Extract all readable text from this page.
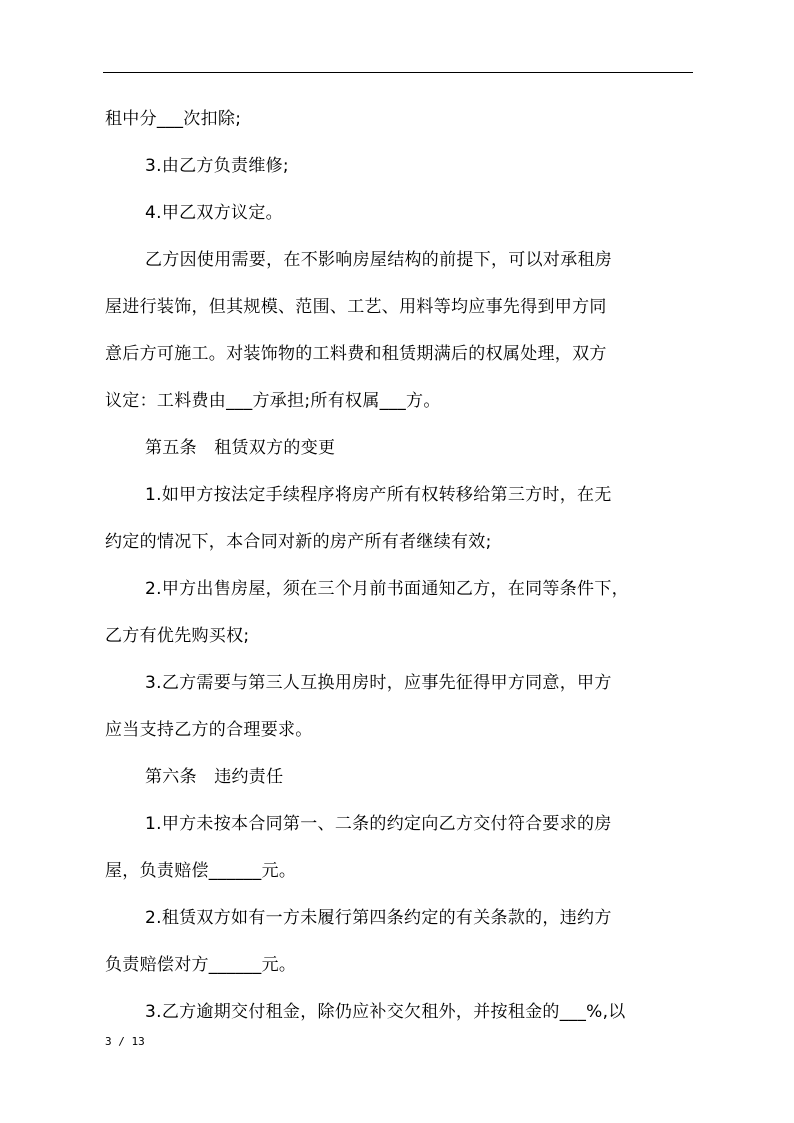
租中分___次扣除;
3.由乙方负责维修;
4.甲乙双方议定。
乙方因使用需要，在不影响房屋结构的前提下，可以对承租房
屋进行装饰，但其规模、范围、工艺、用料等均应事先得到甲方同
意后方可施工。对装饰物的工料费和租赁期满后的权属处理，双方
议定：工料费由___方承担;所有权属___方。
第五条　租赁双方的变更
1.如甲方按法定手续程序将房产所有权转移给第三方时，在无
约定的情况下，本合同对新的房产所有者继续有效;
2.甲方出售房屋，须在三个月前书面通知乙方，在同等条件下，
乙方有优先购买权;
3.乙方需要与第三人互换用房时，应事先征得甲方同意，甲方
应当支持乙方的合理要求。
第六条　违约责任
1.甲方未按本合同第一、二条的约定向乙方交付符合要求的房
屋，负责赔偿______元。
2.租赁双方如有一方未履行第四条约定的有关条款的，违约方
负责赔偿对方______元。
3.乙方逾期交付租金，除仍应补交欠租外，并按租金的___%,以
3 / 13
